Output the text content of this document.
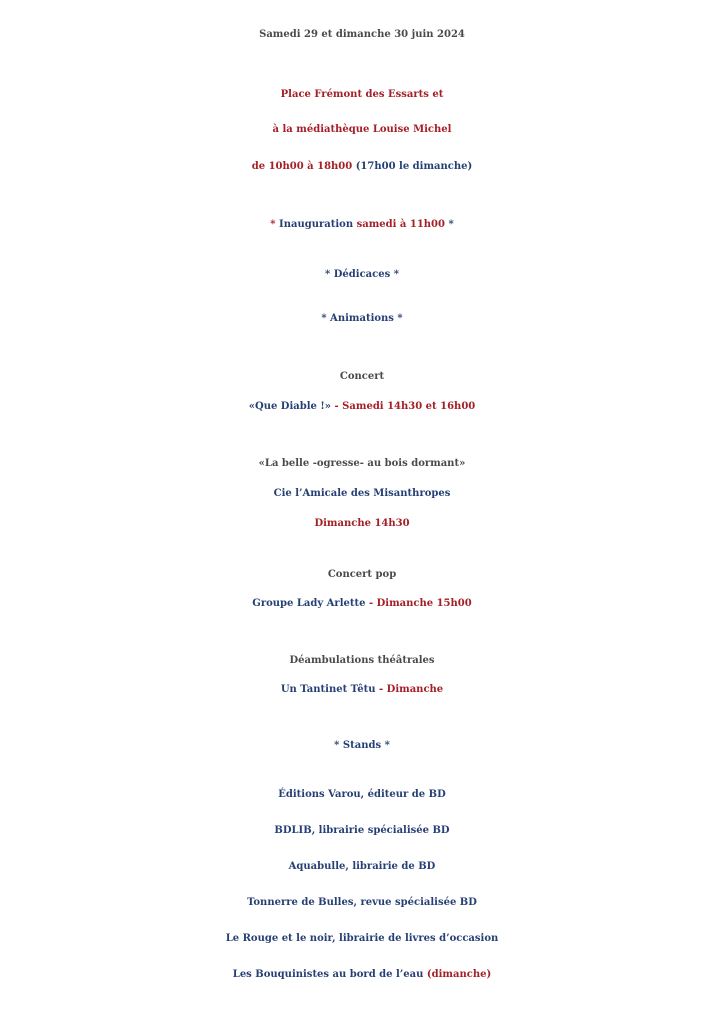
Samedi 29 et dimanche 30 juin 2024
Place Frémont des Essarts et
à la médiathèque Louise Michel
de 10h00 à 18h00 (17h00 le dimanche)
* Inauguration samedi à 11h00 *
* Dédicaces *
* Animations *
Concert
«Que Diable !» - Samedi 14h30 et 16h00
«La belle -ogresse- au bois dormant»
Cie l’Amicale des Misanthropes
Dimanche 14h30
Concert pop
Groupe Lady Arlette - Dimanche 15h00
Déambulations théâtrales
Un Tantinet Têtu - Dimanche
* Stands *
Éditions Varou, éditeur de BD
BDLIB, librairie spécialisée BD
Aquabulle, librairie de BD
Tonnerre de Bulles, revue spécialisée BD
Le Rouge et le noir, librairie de livres d’occasion
Les Bouquinistes au bord de l’eau (dimanche)
